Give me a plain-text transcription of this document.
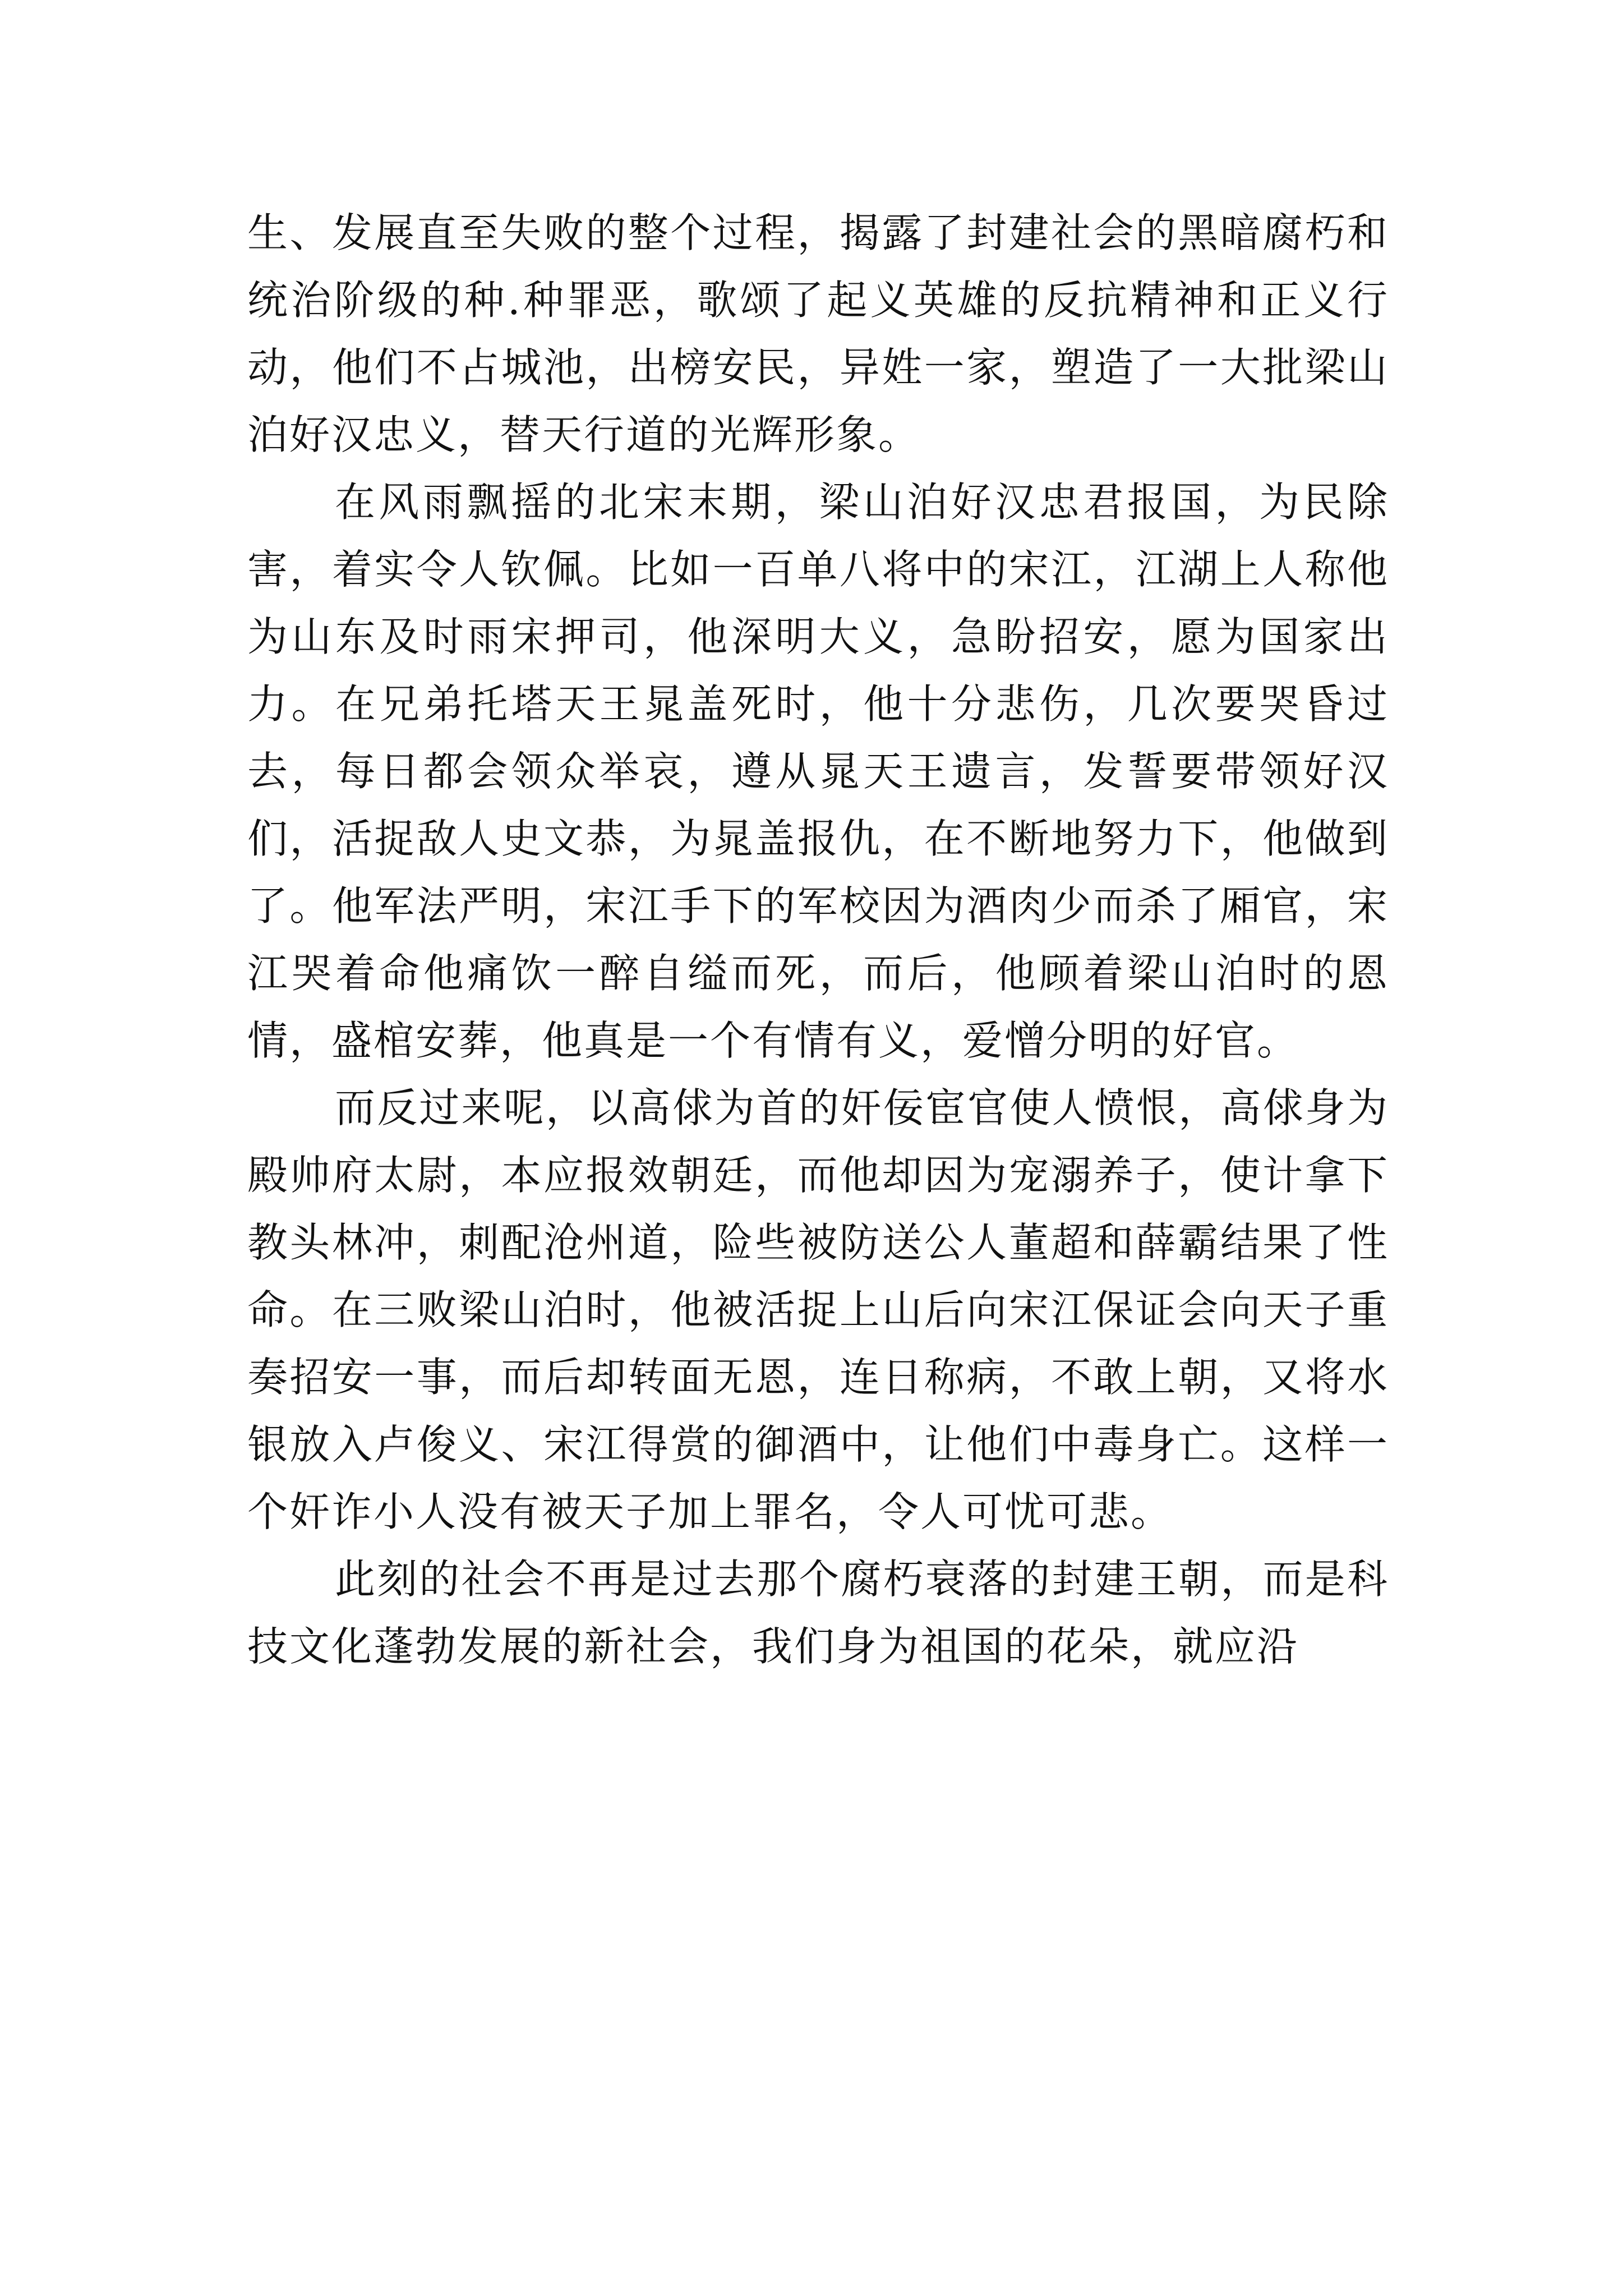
生、发展直至失败的整个过程，揭露了封建社会的黑暗腐朽和统治阶级的种.种罪恶，歌颂了起义英雄的反抗精神和正义行动，他们不占城池，出榜安民，异姓一家，塑造了一大批梁山泊好汉忠义，替天行道的光辉形象。

在风雨飘摇的北宋末期，梁山泊好汉忠君报国，为民除害，着实令人钦佩。比如一百单八将中的宋江，江湖上人称他为山东及时雨宋押司，他深明大义，急盼招安，愿为国家出力。在兄弟托塔天王晁盖死时，他十分悲伤，几次要哭昏过去，每日都会领众举哀，遵从晁天王遗言，发誓要带领好汉们，活捉敌人史文恭，为晁盖报仇，在不断地努力下，他做到了。他军法严明，宋江手下的军校因为酒肉少而杀了厢官，宋江哭着命他痛饮一醉自缢而死，而后，他顾着梁山泊时的恩情，盛棺安葬，他真是一个有情有义，爱憎分明的好官。

而反过来呢，以高俅为首的奸佞宦官使人愤恨，高俅身为殿帅府太尉，本应报效朝廷，而他却因为宠溺养子，使计拿下教头林冲，刺配沧州道，险些被防送公人董超和薛霸结果了性命。在三败梁山泊时，他被活捉上山后向宋江保证会向天子重奏招安一事，而后却转面无恩，连日称病，不敢上朝，又将水银放入卢俊义、宋江得赏的御酒中，让他们中毒身亡。这样一个奸诈小人没有被天子加上罪名，令人可忧可悲。

此刻的社会不再是过去那个腐朽衰落的封建王朝，而是科技文化蓬勃发展的新社会，我们身为祖国的花朵，就应沿
